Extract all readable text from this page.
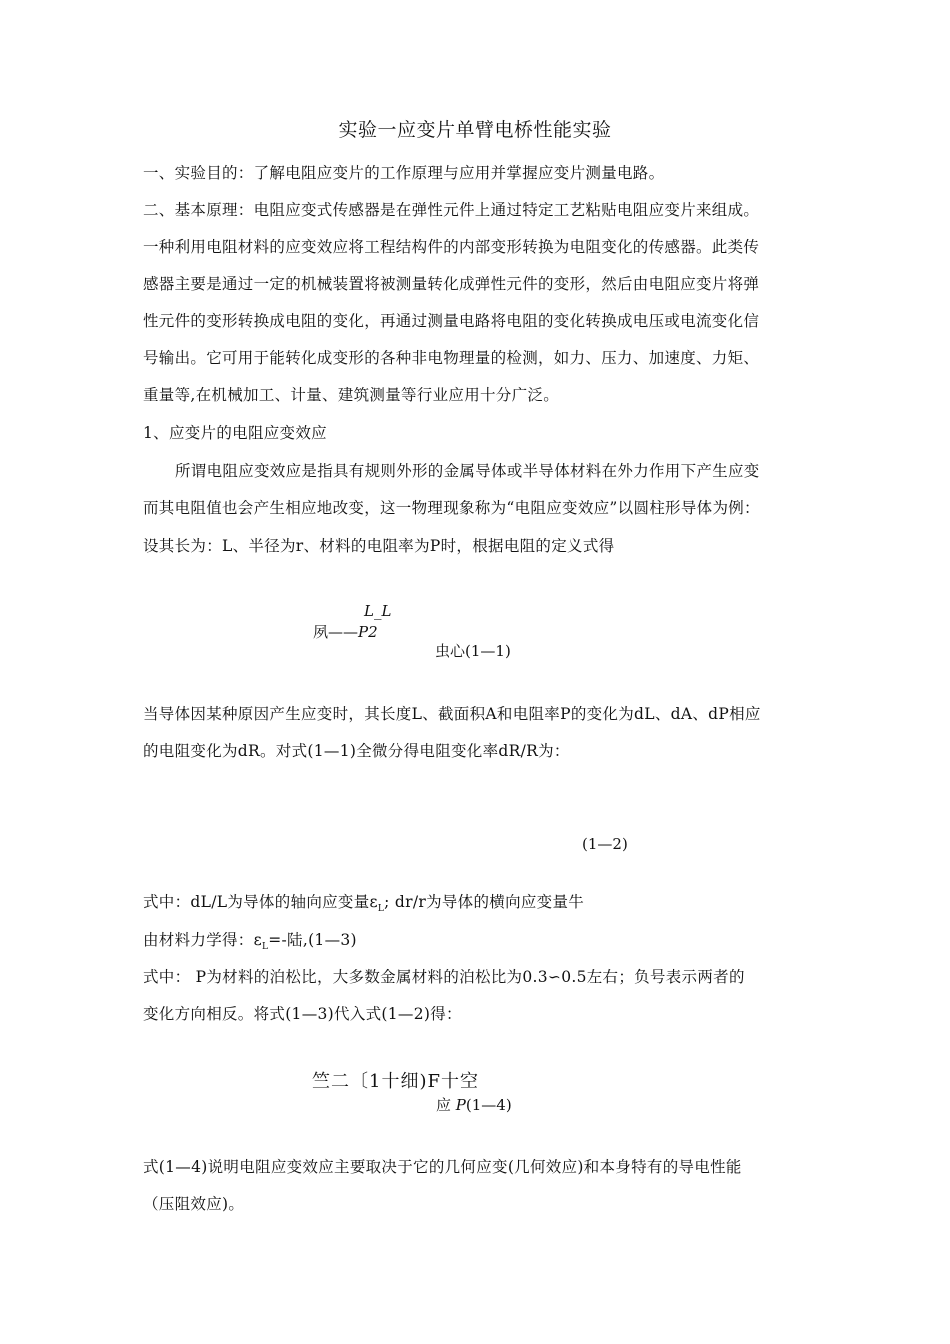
实验一应变片单臂电桥性能实验
一、实验目的：了解电阻应变片的工作原理与应用并掌握应变片测量电路。
二、基本原理：电阻应变式传感器是在弹性元件上通过特定工艺粘贴电阻应变片来组成。
一种利用电阻材料的应变效应将工程结构件的内部变形转换为电阻变化的传感器。此类传
感器主要是通过一定的机械装置将被测量转化成弹性元件的变形，然后由电阻应变片将弹
性元件的变形转换成电阻的变化，再通过测量电路将电阻的变化转换成电压或电流变化信
号输出。它可用于能转化成变形的各种非电物理量的检测，如力、压力、加速度、力矩、
重量等,在机械加工、计量、建筑测量等行业应用十分广泛。
1、应变片的电阻应变效应
所谓电阻应变效应是指具有规则外形的金属导体或半导体材料在外力作用下产生应变
而其电阻值也会产生相应地改变，这一物理现象称为“电阻应变效应”以圆柱形导体为例：
设其长为：L、半径为r、材料的电阻率为P时，根据电阻的定义式得
L_L
夙——P2
虫心(1—1)
当导体因某种原因产生应变时，其长度L、截面积A和电阻率P的变化为dL、dA、dP相应
的电阻变化为dR。对式(1—1)全微分得电阻变化率dR/R为：
(1—2)
式中：dL/L为导体的轴向应变量$\varepsilon_L$; dr/r为导体的横向应变量牛
由材料力学得：$\varepsilon_L=-$陆,(1—3)
式中： P为材料的泊松比，大多数金属材料的泊松比为0.3∽0.5左右；负号表示两者的
变化方向相反。将式(1—3)代入式(1—2)得：
竺二〔1十细)F十空
应 P(1—4)
式(1—4)说明电阻应变效应主要取决于它的几何应变(几何效应)和本身特有的导电性能
（压阻效应)。
